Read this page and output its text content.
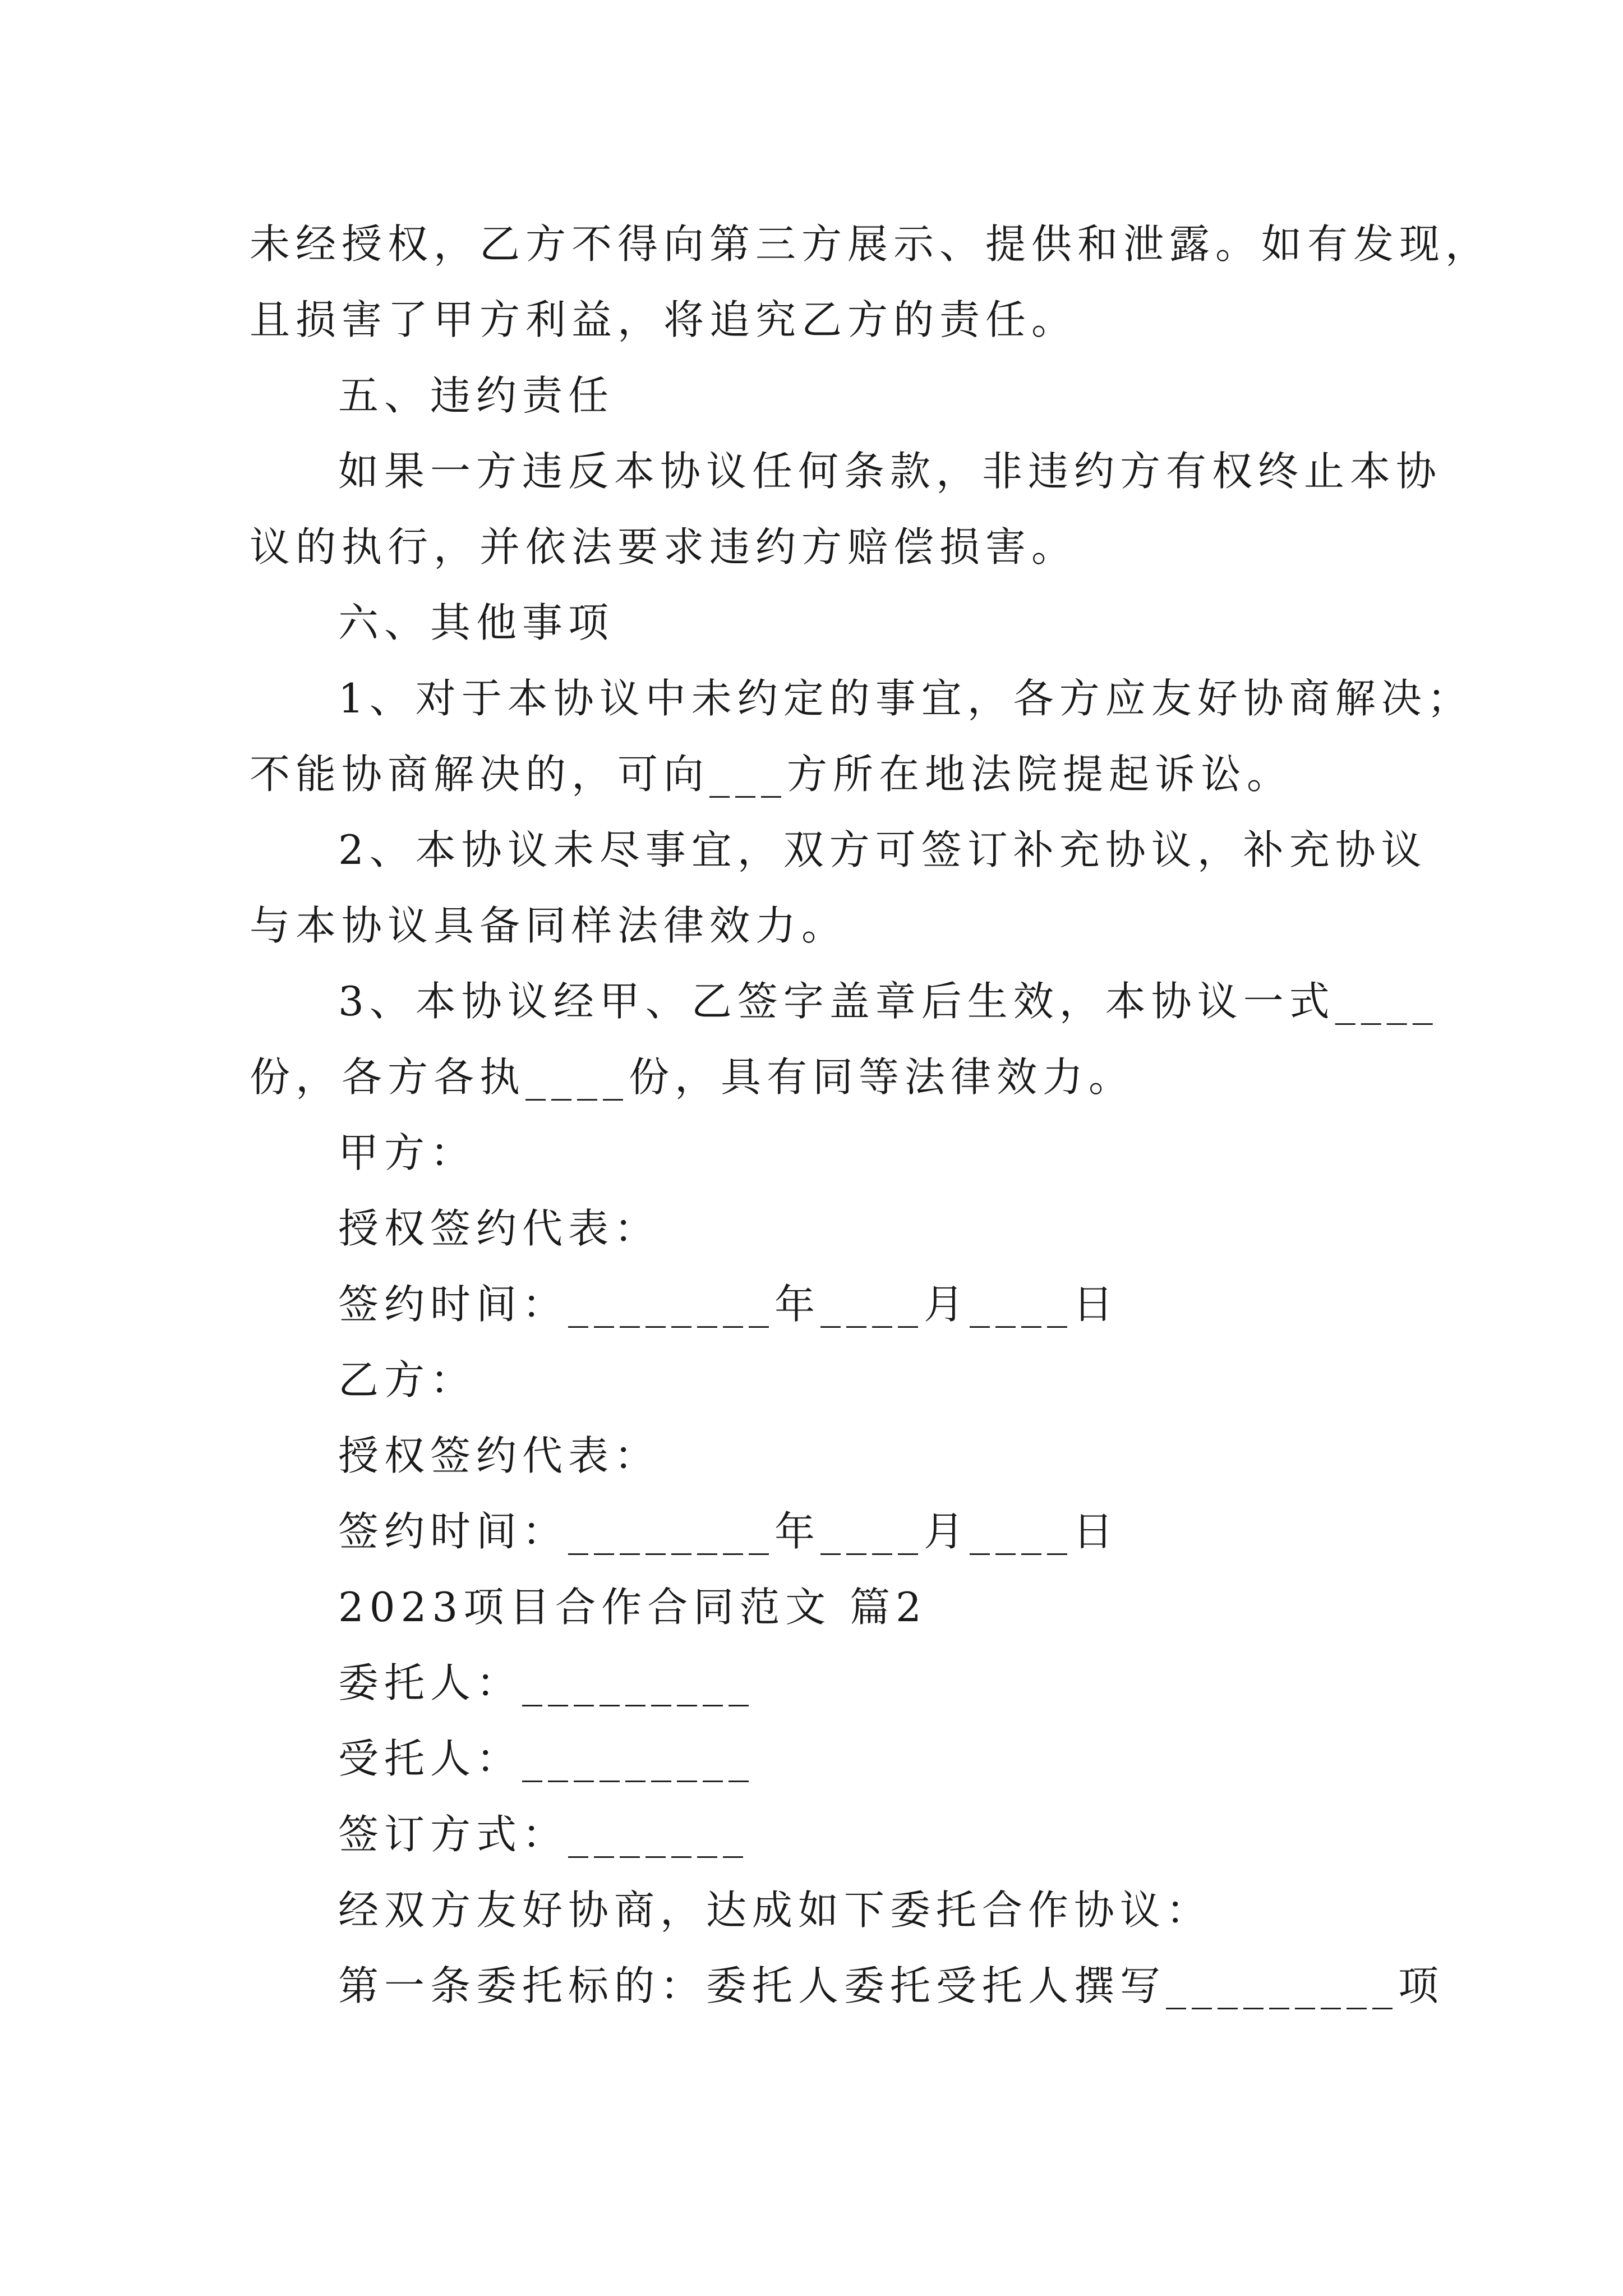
未经授权，乙方不得向第三方展示、提供和泄露。如有发现，
且损害了甲方利益，将追究乙方的责任。
五、违约责任
如果一方违反本协议任何条款，非违约方有权终止本协
议的执行，并依法要求违约方赔偿损害。
六、其他事项
1、对于本协议中未约定的事宜，各方应友好协商解决；
不能协商解决的，可向___方所在地法院提起诉讼。
2、本协议未尽事宜，双方可签订补充协议，补充协议
与本协议具备同样法律效力。
3、本协议经甲、乙签字盖章后生效，本协议一式____
份，各方各执____份，具有同等法律效力。
甲方：
授权签约代表：
签约时间：________年____月____日
乙方：
授权签约代表：
签约时间：________年____月____日
2023项目合作合同范文 篇2
委托人：_________
受托人：_________
签订方式：_______
经双方友好协商，达成如下委托合作协议：
第一条委托标的：委托人委托受托人撰写_________项
